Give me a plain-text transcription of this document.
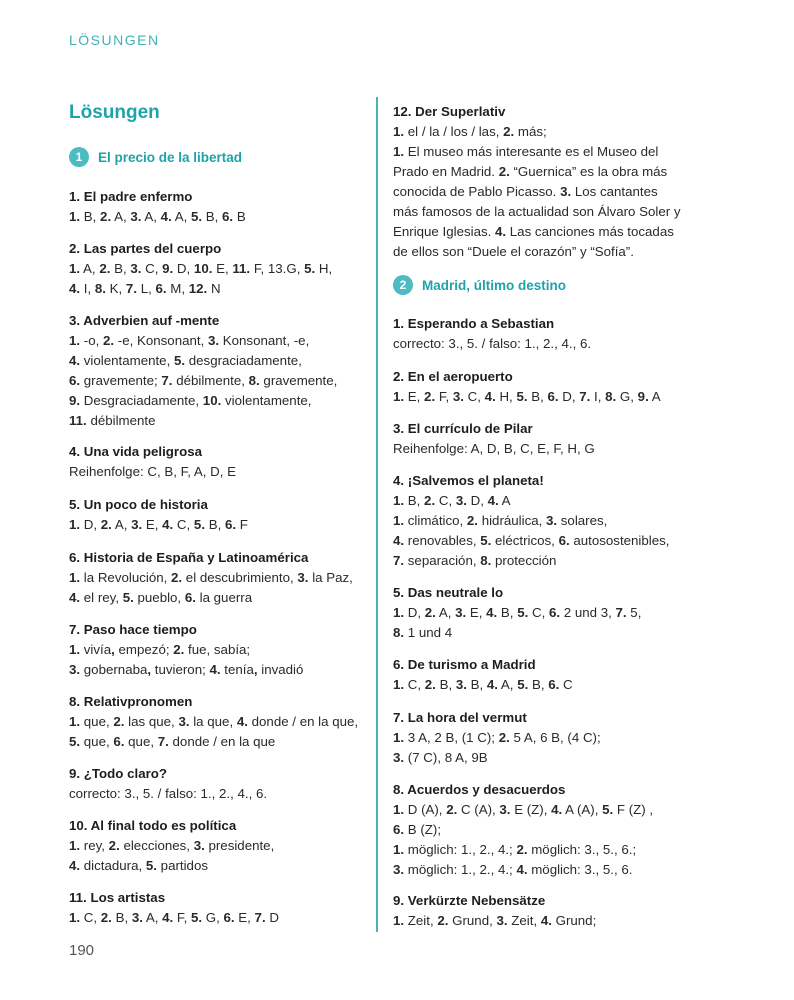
LÖSUNGEN
Lösungen
1	El precio de la libertad
1. El padre enfermo
1. B, 2. A, 3. A, 4. A, 5. B, 6. B
2. Las partes del cuerpo
1. A, 2. B, 3. C, 9. D, 10. E, 11. F, 13.G, 5. H,
4. I, 8. K, 7. L, 6. M, 12. N
3. Adverbien auf -mente
1. -o, 2. -e, Konsonant, 3. Konsonant, -e,
4. violentamente, 5. desgraciadamente,
6. gravemente; 7. débilmente, 8. gravemente,
9. Desgraciadamente, 10. violentamente,
11. débilmente
4. Una vida peligrosa
Reihenfolge: C, B, F, A, D, E
5. Un poco de historia
1. D, 2. A, 3. E, 4. C, 5. B, 6. F
6. Historia de España y Latinoamérica
1. la Revolución, 2. el descubrimiento, 3. la Paz,
4. el rey, 5. pueblo, 6. la guerra
7. Paso hace tiempo
1. vivía, empezó; 2. fue, sabía;
3. gobernaba, tuvieron; 4. tenía, invadió
8. Relativpronomen
1. que, 2. las que, 3. la que, 4. donde / en la que,
5. que, 6. que, 7. donde / en la que
9. ¿Todo claro?
correcto: 3., 5. / falso: 1., 2., 4., 6.
10. Al final todo es política
1. rey, 2. elecciones, 3. presidente,
4. dictadura, 5. partidos
11. Los artistas
1. C, 2. B, 3. A, 4. F, 5. G, 6. E, 7. D
12. Der Superlativ
1. el / la / los / las, 2. más;
1. El museo más interesante es el Museo del
Prado en Madrid. 2. “Guernica” es la obra más
conocida de Pablo Picasso. 3. Los cantantes
más famosos de la actualidad son Álvaro Soler y
Enrique Iglesias. 4. Las canciones más tocadas
de ellos son “Duele el corazón” y “Sofía”.
1. Esperando a Sebastian
correcto: 3., 5. / falso: 1., 2., 4., 6.
2. En el aeropuerto
1. E, 2. F, 3. C, 4. H, 5. B, 6. D, 7. I, 8. G, 9. A
3. El currículo de Pilar
Reihenfolge: A, D, B, C, E, F, H, G
4. ¡Salvemos el planeta!
1. B, 2. C, 3. D, 4. A
1. climático, 2. hidráulica, 3. solares,
4. renovables, 5. eléctricos, 6. autosostenibles,
7. separación, 8. protección
5. Das neutrale lo
1. D, 2. A, 3. E, 4. B, 5. C, 6. 2 und 3, 7. 5,
8. 1 und 4
6. De turismo a Madrid
1. C, 2. B, 3. B, 4. A, 5. B, 6. C
7. La hora del vermut
1. 3 A, 2 B, (1 C); 2. 5 A, 6 B, (4 C);
3. (7 C), 8 A, 9B
8. Acuerdos y desacuerdos
1. D (A), 2. C (A), 3. E (Z), 4. A (A), 5. F (Z) ,
6. B (Z);
1. möglich: 1., 2., 4.; 2. möglich: 3., 5., 6.;
3. möglich: 1., 2., 4.; 4. möglich: 3., 5., 6.
9. Verkürzte Nebensätze
1. Zeit, 2. Grund, 3. Zeit, 4. Grund;
2	Madrid, último destino
190
